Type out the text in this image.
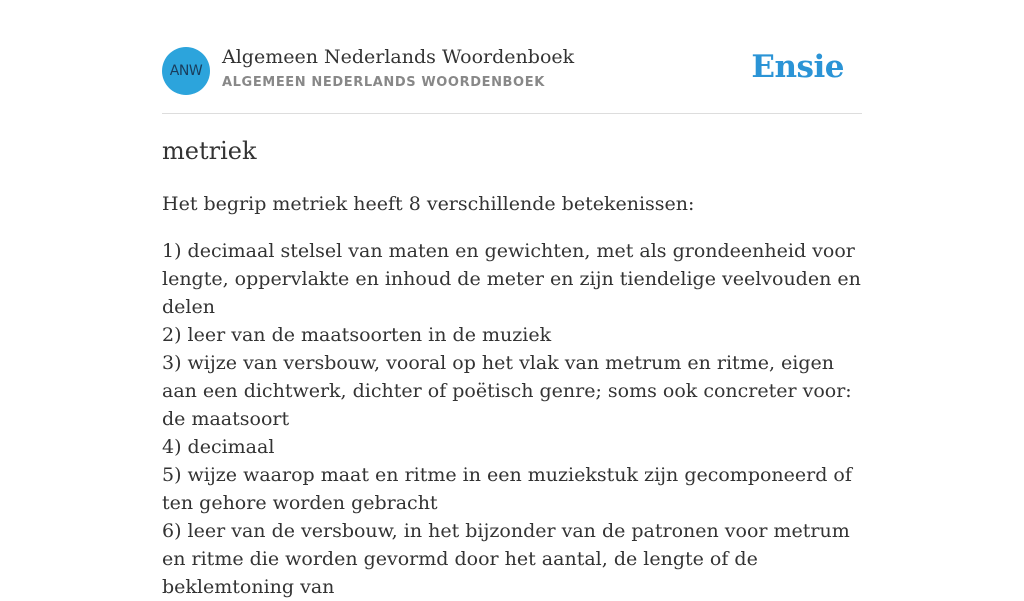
ANW
Algemeen Nederlands Woordenboek
ALGEMEEN NEDERLANDS WOORDENBOEK	Ensie
metriek

Het begrip metriek heeft 8 verschillende betekenissen:

1) decimaal stelsel van maten en gewichten, met als grondeenheid voor lengte, oppervlakte en inhoud de meter en zijn tiendelige veelvouden en delen
2) leer van de maatsoorten in de muziek
3) wijze van versbouw, vooral op het vlak van metrum en ritme, eigen aan een dichtwerk, dichter of poëtisch genre; soms ook concreter voor: de maatsoort
4) decimaal
5) wijze waarop maat en ritme in een muziekstuk zijn gecomponeerd of ten gehore worden gebracht
6) leer van de versbouw, in het bijzonder van de patronen voor metrum en ritme die worden gevormd door het aantal, de lengte of de beklemtoning van
